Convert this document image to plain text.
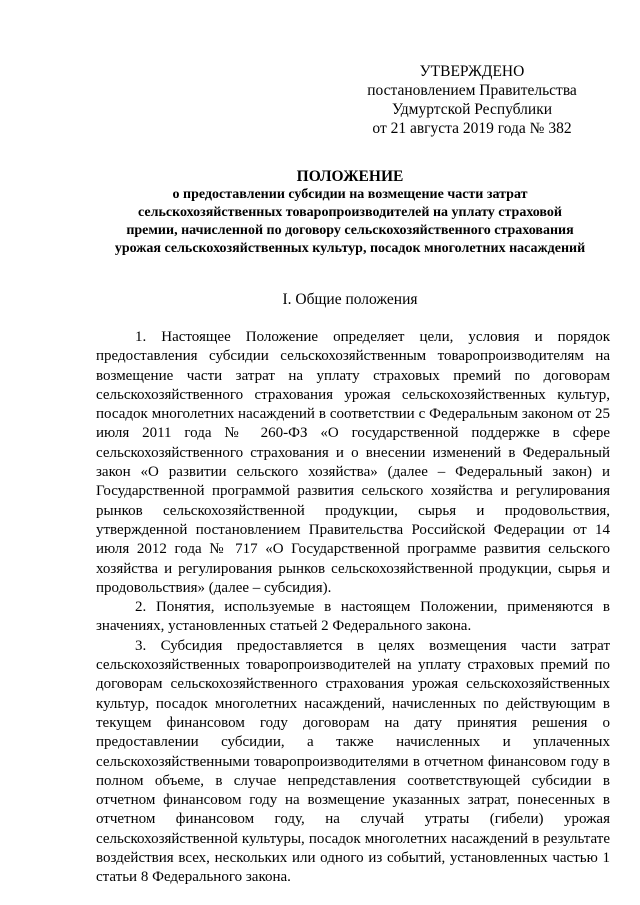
УТВЕРЖДЕНО
постановлением Правительства
Удмуртской Республики
от 21 августа 2019 года № 382
ПОЛОЖЕНИЕ
о предоставлении субсидии на возмещение части затрат
сельскохозяйственных товаропроизводителей на уплату страховой
премии, начисленной по договору сельскохозяйственного страхования
урожая сельскохозяйственных культур, посадок многолетних насаждений
I. Общие положения

1. Настоящее Положение определяет цели, условия и порядок предоставления субсидии сельскохозяйственным товаропроизводителям на возмещение части затрат на уплату страховых премий по договорам сельскохозяйственного страхования урожая сельскохозяйственных культур, посадок многолетних насаждений в соответствии с Федеральным законом от 25 июля 2011 года № 260-ФЗ «О государственной поддержке в сфере сельскохозяйственного страхования и о внесении изменений в Федеральный закон «О развитии сельского хозяйства» (далее – Федеральный закон) и Государственной программой развития сельского хозяйства и регулирования рынков сельскохозяйственной продукции, сырья и продовольствия, утвержденной постановлением Правительства Российской Федерации от 14 июля 2012 года № 717 «О Государственной программе развития сельского хозяйства и регулирования рынков сельскохозяйственной продукции, сырья и продовольствия» (далее – субсидия).

2. Понятия, используемые в настоящем Положении, применяются в значениях, установленных статьей 2 Федерального закона.

3. Субсидия предоставляется в целях возмещения части затрат сельскохозяйственных товаропроизводителей на уплату страховых премий по договорам сельскохозяйственного страхования урожая сельскохозяйственных культур, посадок многолетних насаждений, начисленных по действующим в текущем финансовом году договорам на дату принятия решения о предоставлении субсидии, а также начисленных и уплаченных сельскохозяйственными товаропроизводителями в отчетном финансовом году в полном объеме, в случае непредставления соответствующей субсидии в отчетном финансовом году на возмещение указанных затрат, понесенных в отчетном финансовом году, на случай утраты (гибели) урожая сельскохозяйственной культуры, посадок многолетних насаждений в результате воздействия всех, нескольких или одного из событий, установленных частью 1 статьи 8 Федерального закона.
